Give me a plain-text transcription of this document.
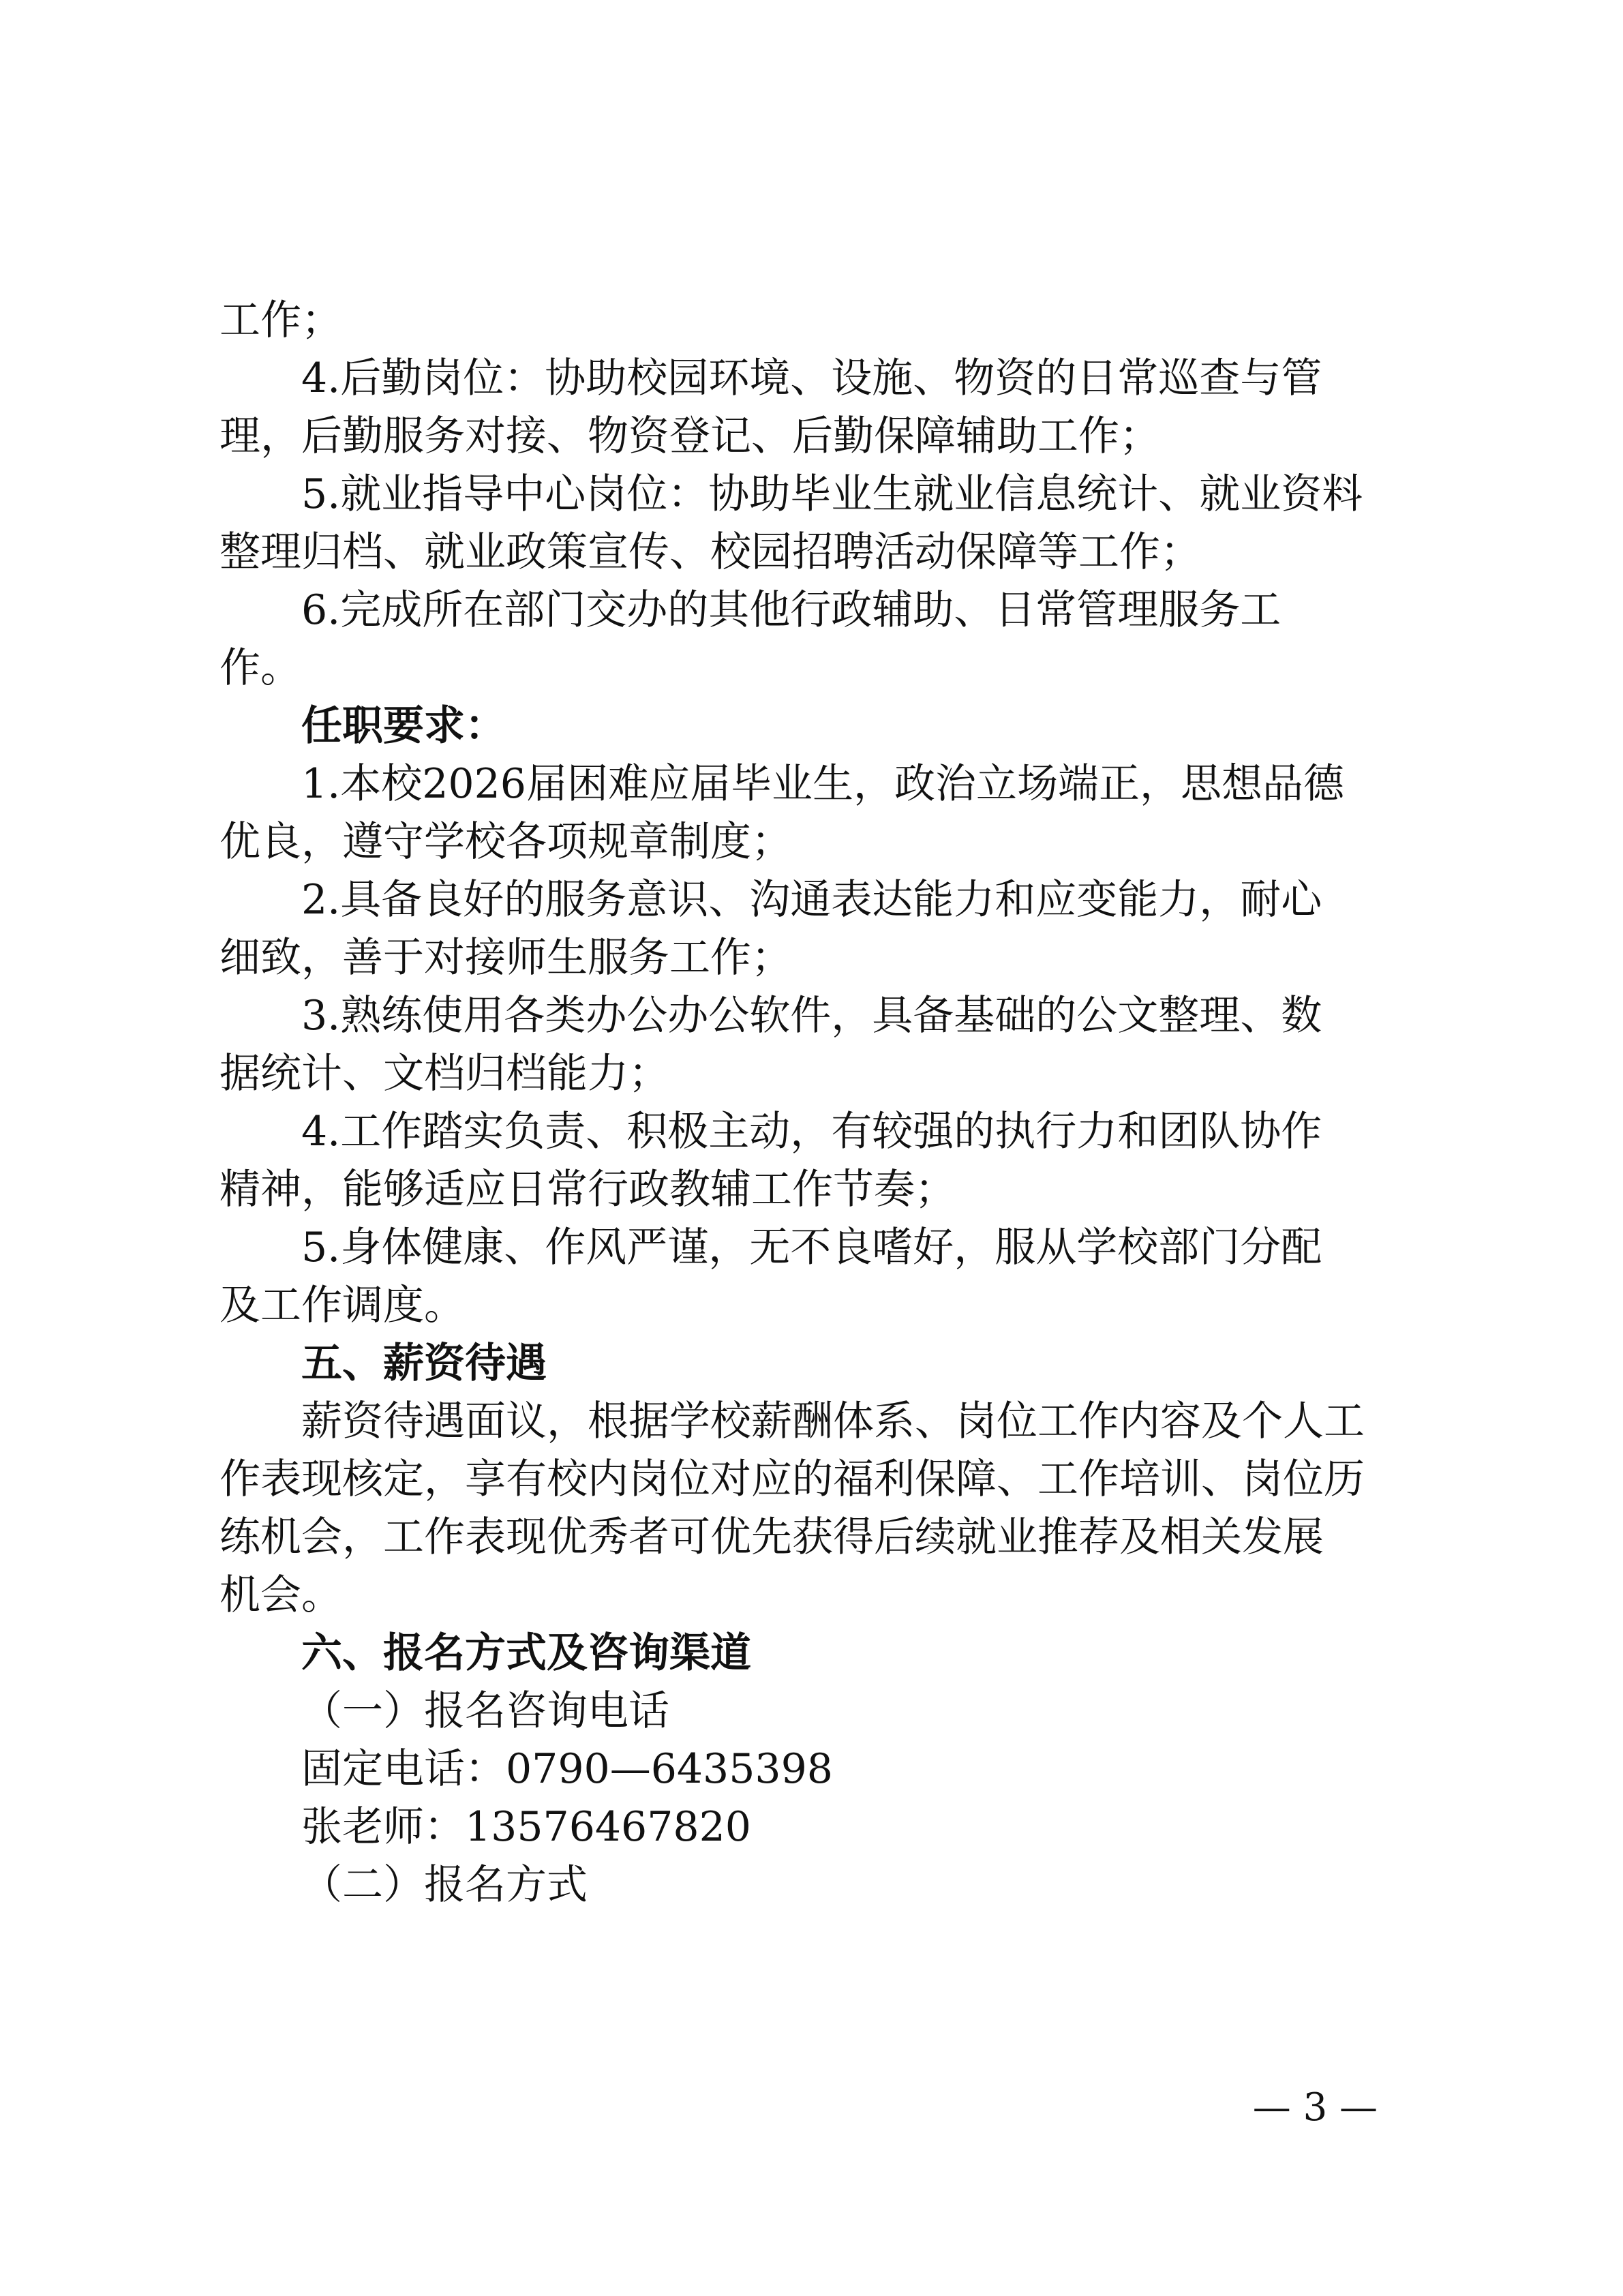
工作；

4.后勤岗位：协助校园环境、设施、物资的日常巡查与管

理，后勤服务对接、物资登记、后勤保障辅助工作；

5.就业指导中心岗位：协助毕业生就业信息统计、就业资料

整理归档、就业政策宣传、校园招聘活动保障等工作；

6.完成所在部门交办的其他行政辅助、日常管理服务工

作。

任职要求：

1.本校2026届困难应届毕业生，政治立场端正，思想品德

优良，遵守学校各项规章制度；

2.具备良好的服务意识、沟通表达能力和应变能力，耐心

细致，善于对接师生服务工作；

3.熟练使用各类办公办公软件，具备基础的公文整理、数

据统计、文档归档能力；

4.工作踏实负责、积极主动，有较强的执行力和团队协作

精神，能够适应日常行政教辅工作节奏；

5.身体健康、作风严谨，无不良嗜好，服从学校部门分配

及工作调度。

五、薪资待遇

薪资待遇面议，根据学校薪酬体系、岗位工作内容及个人工

作表现核定，享有校内岗位对应的福利保障、工作培训、岗位历

练机会，工作表现优秀者可优先获得后续就业推荐及相关发展

机会。

六、报名方式及咨询渠道

（一）报名咨询电话

固定电话：0790—6435398

张老师：13576467820

（二）报名方式

— 3 —
